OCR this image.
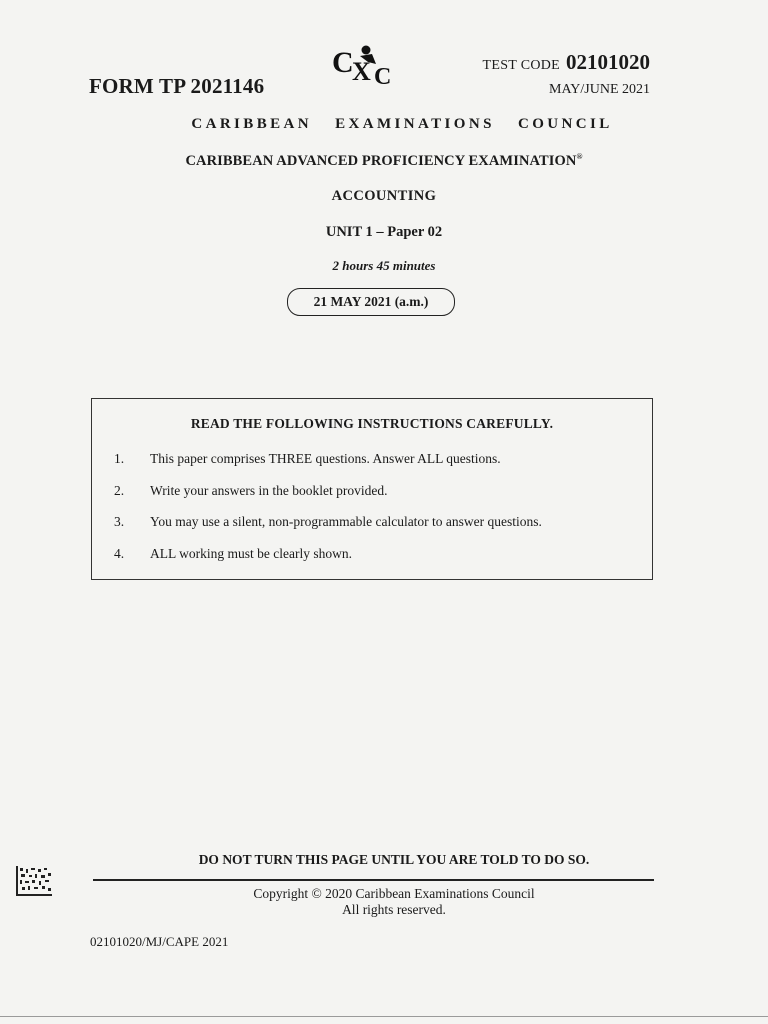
C
X C
FORM TP 2021146
TEST CODE 02101020
MAY/JUNE 2021
CARIBBEAN EXAMINATIONS COUNCIL
CARIBBEAN ADVANCED PROFICIENCY EXAMINATION®
ACCOUNTING
UNIT 1 – Paper 02
2 hours 45 minutes
21 MAY 2021 (a.m.)
READ THE FOLLOWING INSTRUCTIONS CAREFULLY.
1. This paper comprises THREE questions. Answer ALL questions.
2. Write your answers in the booklet provided.
3. You may use a silent, non-programmable calculator to answer questions.
4. ALL working must be clearly shown.
DO NOT TURN THIS PAGE UNTIL YOU ARE TOLD TO DO SO.
Copyright © 2020 Caribbean Examinations Council
All rights reserved.
02101020/MJ/CAPE 2021
